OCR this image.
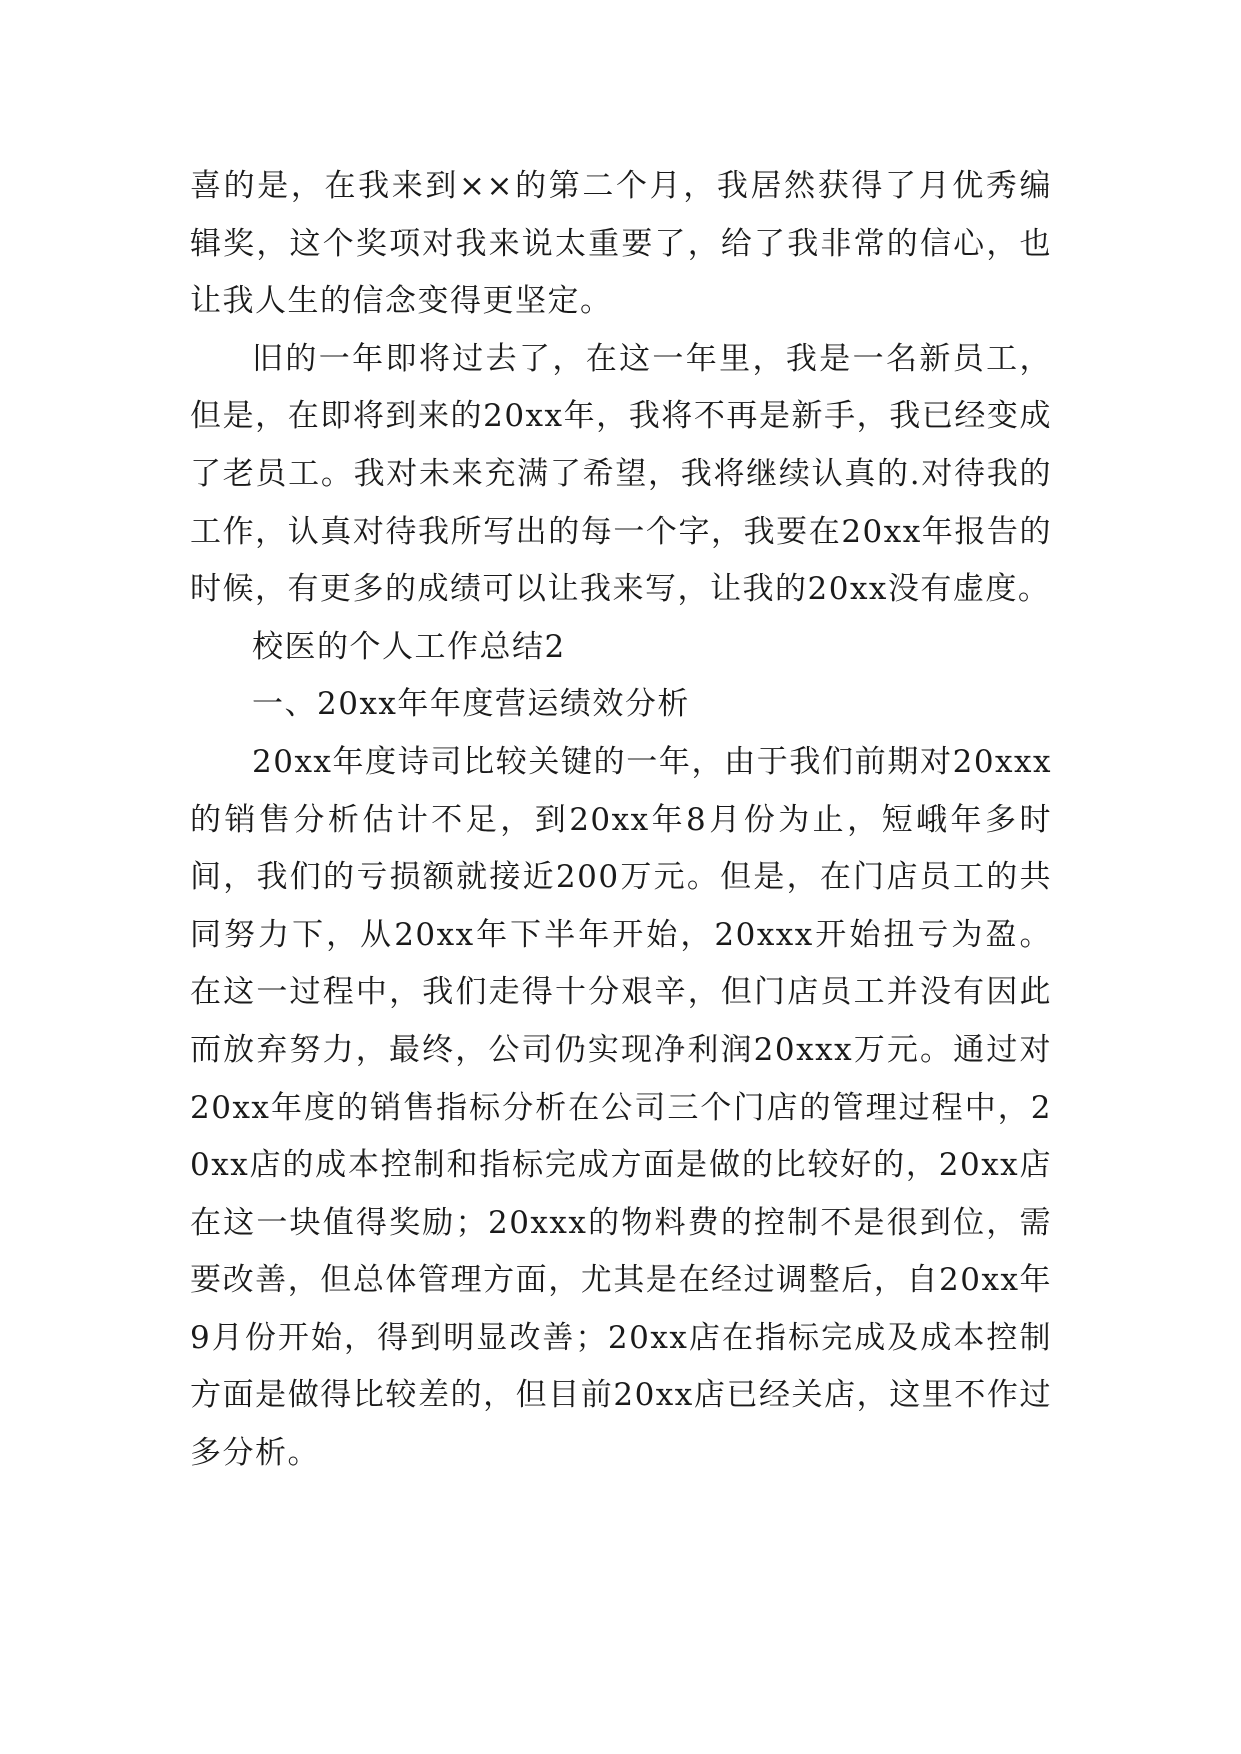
喜的是，在我来到××的第二个月，我居然获得了月优秀编辑奖，这个奖项对我来说太重要了，给了我非常的信心，也让我人生的信念变得更坚定。

旧的一年即将过去了，在这一年里，我是一名新员工，但是，在即将到来的20xx年，我将不再是新手，我已经变成了老员工。我对未来充满了希望，我将继续认真的.对待我的工作，认真对待我所写出的每一个字，我要在20xx年报告的时候，有更多的成绩可以让我来写，让我的20xx没有虚度。

校医的个人工作总结2

一、20xx年年度营运绩效分析

20xx年度诗司比较关键的一年，由于我们前期对20xxx的销售分析估计不足，到20xx年8月份为止，短峨年多时间，我们的亏损额就接近200万元。但是，在门店员工的共同努力下，从20xx年下半年开始，20xxx开始扭亏为盈。在这一过程中，我们走得十分艰辛，但门店员工并没有因此而放弃努力，最终，公司仍实现净利润20xxx万元。通过对20xx年度的销售指标分析在公司三个门店的管理过程中，20xx店的成本控制和指标完成方面是做的比较好的，20xx店在这一块值得奖励；20xxx的物料费的控制不是很到位，需要改善，但总体管理方面，尤其是在经过调整后，自20xx年9月份开始，得到明显改善；20xx店在指标完成及成本控制方面是做得比较差的，但目前20xx店已经关店，这里不作过多分析。
